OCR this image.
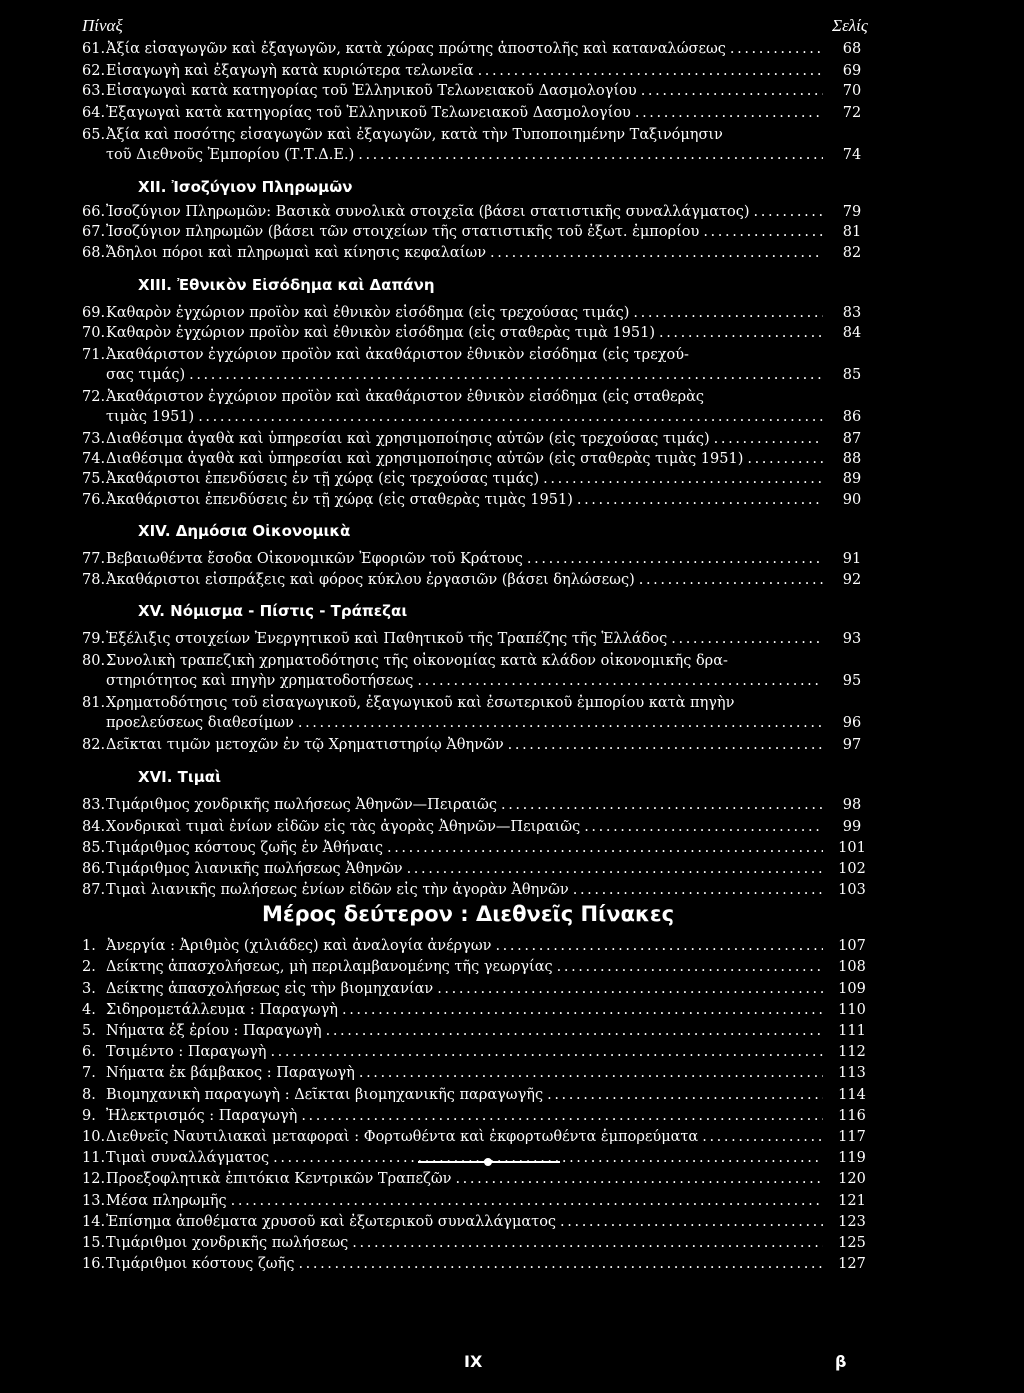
Πίναξ	Σελίς
61. Ἀξία εἰσαγωγῶν καὶ ἐξαγωγῶν, κατὰ χώρας πρώτης ἀποστολῆς καὶ καταναλώσεως . . .	68
62. Εἰσαγωγὴ καὶ ἐξαγωγὴ κατὰ κυριώτερα τελωνεῖα . . .	69
63. Εἰσαγωγαὶ κατὰ κατηγορίας τοῦ Ἑλληνικοῦ Τελωνειακοῦ Δασμολογίου . . .	70
64. Ἐξαγωγαὶ κατὰ κατηγορίας τοῦ Ἑλληνικοῦ Τελωνειακοῦ Δασμολογίου . . .	72
65. Ἀξία καὶ ποσότης εἰσαγωγῶν καὶ ἐξαγωγῶν, κατὰ τὴν Τυποποιημένην Ταξινόμησιν
τοῦ Διεθνοῦς Ἐμπορίου (Τ.Τ.Δ.Ε.) . . .	74
XII. Ἰσοζύγιον Πληρωμῶν
66. Ἰσοζύγιον Πληρωμῶν: Βασικὰ συνολικὰ στοιχεῖα (βάσει στατιστικῆς συναλλάγματος) . . .	79
67. Ἰσοζύγιον πληρωμῶν (βάσει τῶν στοιχείων τῆς στατιστικῆς τοῦ ἐξωτ. ἐμπορίου . . .	81
68. Ἄδηλοι πόροι καὶ πληρωμαὶ καὶ κίνησις κεφαλαίων . . .	82
XIII. Ἐθνικὸν Εἰσόδημα καὶ Δαπάνη
69. Καθαρὸν ἐγχώριον προϊὸν καὶ ἐθνικὸν εἰσόδημα (εἰς τρεχούσας τιμάς) . . .	83
70. Καθαρὸν ἐγχώριον προϊὸν καὶ ἐθνικὸν εἰσόδημα (εἰς σταθερὰς τιμὰ 1951) . . .	84
71. Ἀκαθάριστον ἐγχώριον προϊὸν καὶ ἀκαθάριστον ἐθνικὸν εἰσόδημα (εἰς τρεχού-
σας τιμάς) . . .	85
72. Ἀκαθάριστον ἐγχώριον προϊὸν καὶ ἀκαθάριστον ἐθνικὸν εἰσόδημα (εἰς σταθερὰς
τιμὰς 1951) . . .	86
73. Διαθέσιμα ἀγαθὰ καὶ ὑπηρεσίαι καὶ χρησιμοποίησις αὐτῶν (εἰς τρεχούσας τιμάς) . . .	87
74. Διαθέσιμα ἀγαθὰ καὶ ὑπηρεσίαι καὶ χρησιμοποίησις αὐτῶν (εἰς σταθερὰς τιμὰς 1951) . . .	88
75. Ἀκαθάριστοι ἐπενδύσεις ἐν τῇ χώρᾳ (εἰς τρεχούσας τιμάς) . . .	89
76. Ἀκαθάριστοι ἐπενδύσεις ἐν τῇ χώρᾳ (εἰς σταθερὰς τιμὰς 1951) . . .	90
XIV. Δημόσια Οἰκονομικὰ
77. Βεβαιωθέντα ἔσοδα Οἰκονομικῶν Ἐφοριῶν τοῦ Κράτους . . .	91
78. Ἀκαθάριστοι εἰσπράξεις καὶ φόρος κύκλου ἐργασιῶν (βάσει δηλώσεως) . . .	92
XV. Νόμισμα - Πίστις - Τράπεζαι
79. Ἐξέλιξις στοιχείων Ἐνεργητικοῦ καὶ Παθητικοῦ τῆς Τραπέζης τῆς Ἑλλάδος . . .	93
80. Συνολικὴ τραπεζικὴ χρηματοδότησις τῆς οἰκονομίας κατὰ κλάδον οἰκονομικῆς δρα-
στηριότητος καὶ πηγὴν χρηματοδοτήσεως . . .	95
81. Χρηματοδότησις τοῦ εἰσαγωγικοῦ, ἐξαγωγικοῦ καὶ ἐσωτερικοῦ ἐμπορίου κατὰ πηγὴν
προελεύσεως διαθεσίμων . . .	96
82. Δεῖκται τιμῶν μετοχῶν ἐν τῷ Χρηματιστηρίῳ Ἀθηνῶν . . .	97
XVI. Τιμαὶ
83. Τιμάριθμος χονδρικῆς πωλήσεως Ἀθηνῶν—Πειραιῶς . . .	98
84. Χονδρικαὶ τιμαὶ ἐνίων εἰδῶν εἰς τὰς ἀγορὰς Ἀθηνῶν—Πειραιῶς . . .	99
85. Τιμάριθμος κόστους ζωῆς ἐν Ἀθήναις . . .	101
86. Τιμάριθμος λιανικῆς πωλήσεως Ἀθηνῶν . . .	102
87. Τιμαὶ λιανικῆς πωλήσεως ἐνίων εἰδῶν εἰς τὴν ἀγορὰν Ἀθηνῶν . . .	103
Μέρος δεύτερον : Διεθνεῖς Πίνακες
1. Ἀνεργία : Ἀριθμὸς (χιλιάδες) καὶ ἀναλογία ἀνέργων . . .	107
2. Δείκτης ἀπασχολήσεως, μὴ περιλαμβανομένης τῆς γεωργίας . . .	108
3. Δείκτης ἀπασχολήσεως εἰς τὴν βιομηχανίαν . . .	109
4. Σιδηρομετάλλευμα : Παραγωγὴ . . .	110
5. Νήματα ἐξ ἐρίου : Παραγωγὴ . . .	111
6. Τσιμέντο : Παραγωγὴ . . .	112
7. Νήματα ἐκ βάμβακος : Παραγωγὴ . . .	113
8. Βιομηχανικὴ παραγωγὴ : Δεῖκται βιομηχανικῆς παραγωγῆς . . .	114
9. Ἠλεκτρισμός : Παραγωγὴ . . .	116
10. Διεθνεῖς Ναυτιλιακαὶ μεταφοραὶ : Φορτωθέντα καὶ ἐκφορτωθέντα ἐμπορεύματα . . .	117
11. Τιμαὶ συναλλάγματος . . .	119
12. Προεξοφλητικὰ ἐπιτόκια Κεντρικῶν Τραπεζῶν . . .	120
13. Μέσα πληρωμῆς . . .	121
14. Ἐπίσημα ἀποθέματα χρυσοῦ καὶ ἐξωτερικοῦ συναλλάγματος . . .	123
15. Τιμάριθμοι χονδρικῆς πωλήσεως . . .	125
16. Τιμάριθμοι κόστους ζωῆς . . .	127
IX	β
